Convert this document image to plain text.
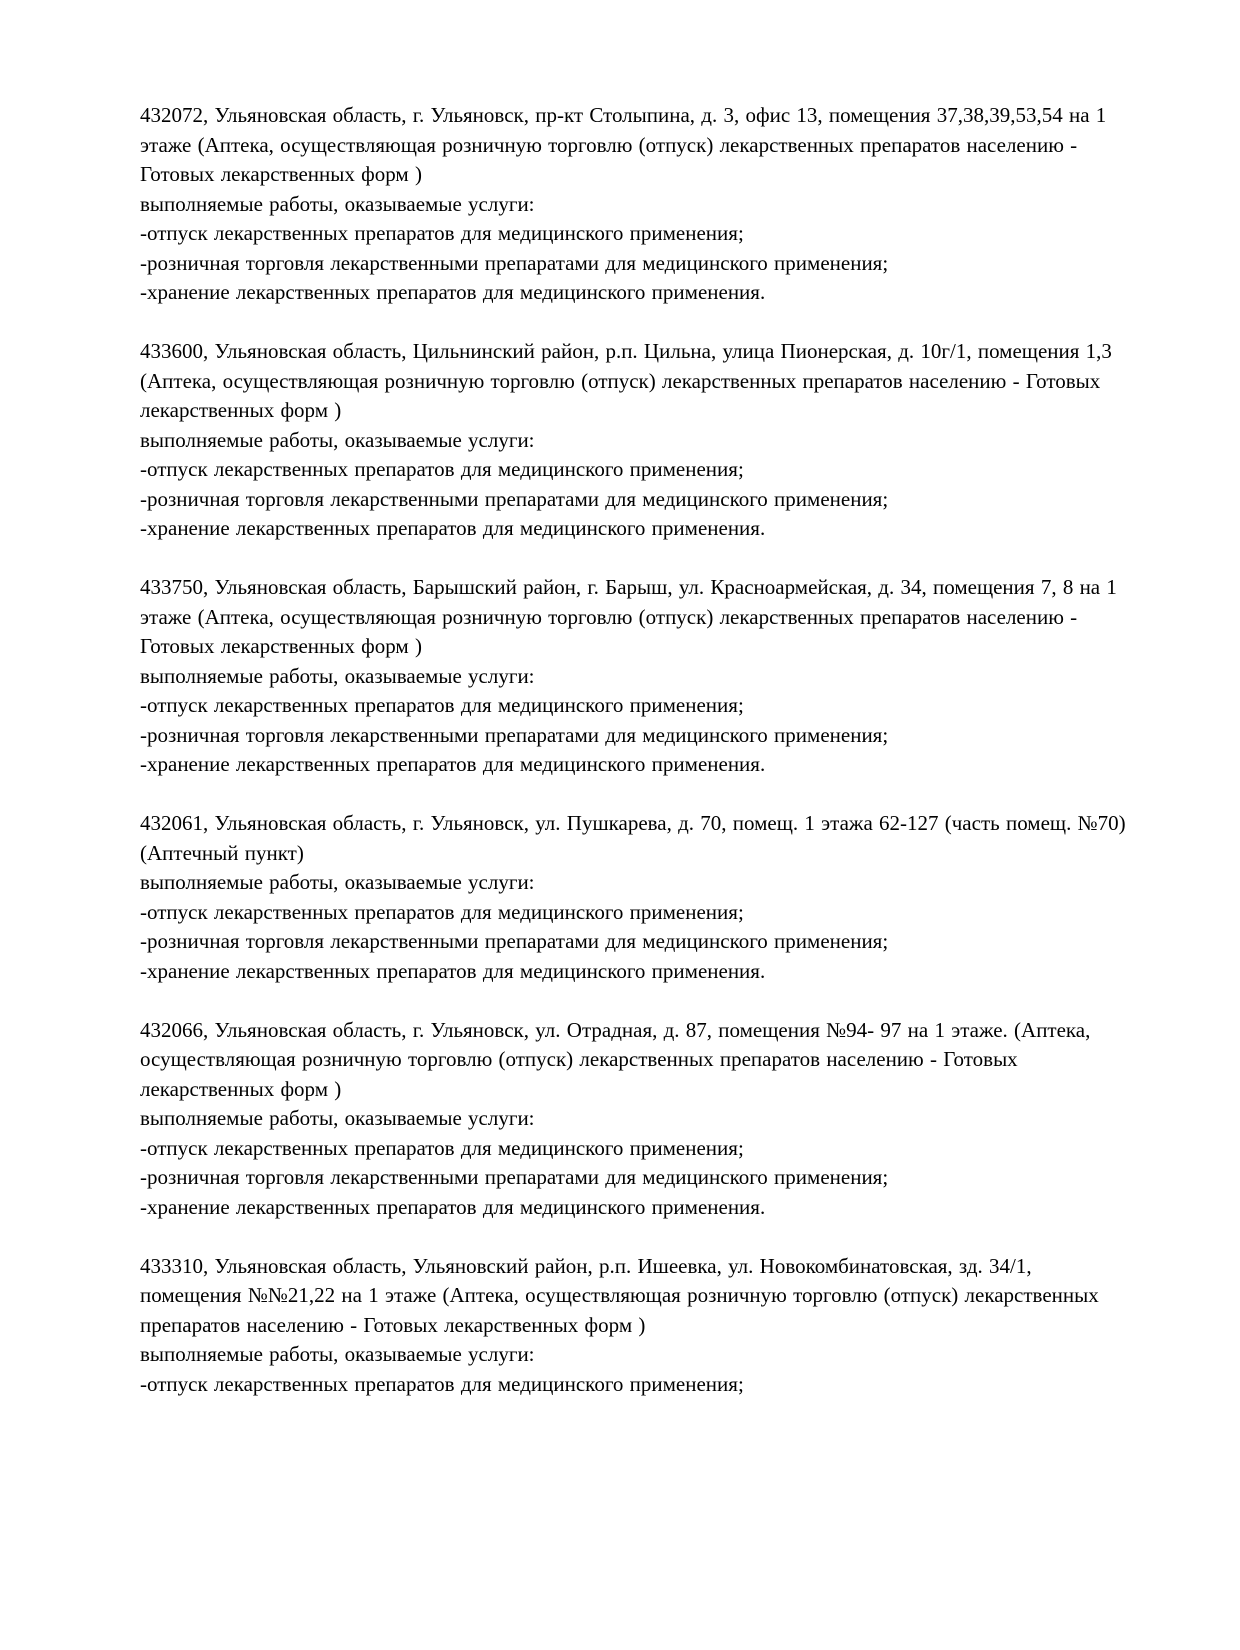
432072, Ульяновская область, г. Ульяновск, пр-кт Столыпина, д. 3, офис 13, помещения 37,38,39,53,54 на 1 этаже (Аптека, осуществляющая розничную торговлю (отпуск) лекарственных препаратов населению - Готовых лекарственных форм )

выполняемые работы, оказываемые услуги:

-отпуск лекарственных препаратов для медицинского применения;

-розничная торговля лекарственными препаратами для медицинского применения;

-хранение лекарственных препаратов для медицинского применения.

433600, Ульяновская область, Цильнинский район, р.п. Цильна, улица Пионерская, д. 10г/1, помещения 1,3 (Аптека, осуществляющая розничную торговлю (отпуск) лекарственных препаратов населению - Готовых лекарственных форм )

выполняемые работы, оказываемые услуги:

-отпуск лекарственных препаратов для медицинского применения;

-розничная торговля лекарственными препаратами для медицинского применения;

-хранение лекарственных препаратов для медицинского применения.

433750, Ульяновская область, Барышский район, г. Барыш, ул. Красноармейская, д. 34, помещения 7, 8 на 1 этаже (Аптека, осуществляющая розничную торговлю (отпуск) лекарственных препаратов населению - Готовых лекарственных форм )

выполняемые работы, оказываемые услуги:

-отпуск лекарственных препаратов для медицинского применения;

-розничная торговля лекарственными препаратами для медицинского применения;

-хранение лекарственных препаратов для медицинского применения.

432061, Ульяновская область, г. Ульяновск, ул. Пушкарева, д. 70, помещ. 1 этажа 62-127 (часть помещ. №70) (Аптечный пункт)

выполняемые работы, оказываемые услуги:

-отпуск лекарственных препаратов для медицинского применения;

-розничная торговля лекарственными препаратами для медицинского применения;

-хранение лекарственных препаратов для медицинского применения.

432066, Ульяновская область, г. Ульяновск, ул. Отрадная, д. 87, помещения №94- 97 на 1 этаже. (Аптека, осуществляющая розничную торговлю (отпуск) лекарственных препаратов населению - Готовых лекарственных форм )

выполняемые работы, оказываемые услуги:

-отпуск лекарственных препаратов для медицинского применения;

-розничная торговля лекарственными препаратами для медицинского применения;

-хранение лекарственных препаратов для медицинского применения.

433310, Ульяновская область, Ульяновский район, р.п. Ишеевка, ул. Новокомбинатовская, зд. 34/1, помещения №№21,22 на 1 этаже (Аптека, осуществляющая розничную торговлю (отпуск) лекарственных препаратов населению - Готовых лекарственных форм )

выполняемые работы, оказываемые услуги:

-отпуск лекарственных препаратов для медицинского применения;
